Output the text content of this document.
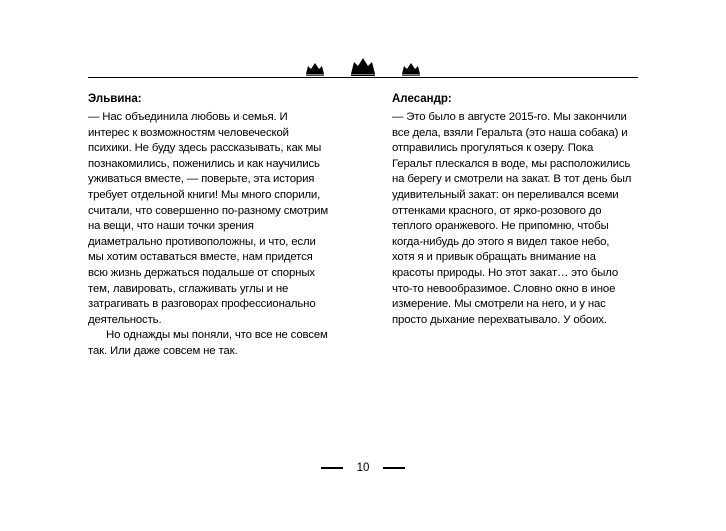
Эльвина:

— Нас объединила любовь и семья. И интерес к возможностям человеческой психики. Не буду здесь рассказывать, как мы познакомились, поженились и как научились уживаться вместе, — поверьте, эта история требует отдельной книги! Мы много спорили, считали, что совершенно по-разному смотрим на вещи, что наши точки зрения диаметрально противоположны, и что, если мы хотим оставаться вместе, нам придется всю жизнь держаться подальше от спорных тем, лавировать, сглаживать углы и не затрагивать в разговорах профессионально деятельность.

Но однажды мы поняли, что все не совсем так. Или даже совсем не так.

Алесандр:

— Это было в августе 2015-го. Мы закончили все дела, взяли Геральта (это наша собака) и отправились прогуляться к озеру. Пока Геральт плескался в воде, мы расположились на берегу и смотрели на закат. В тот день был удивительный закат: он переливался всеми оттенками красного, от ярко-розового до теплого оранжевого. Не припомню, чтобы когда-нибудь до этого я видел такое небо, хотя я и привык обращать внимание на красоты природы. Но этот закат… это было что-то невообразимое. Словно окно в иное измерение. Мы смотрели на него, и у нас просто дыхание перехватывало. У обоих.

10
